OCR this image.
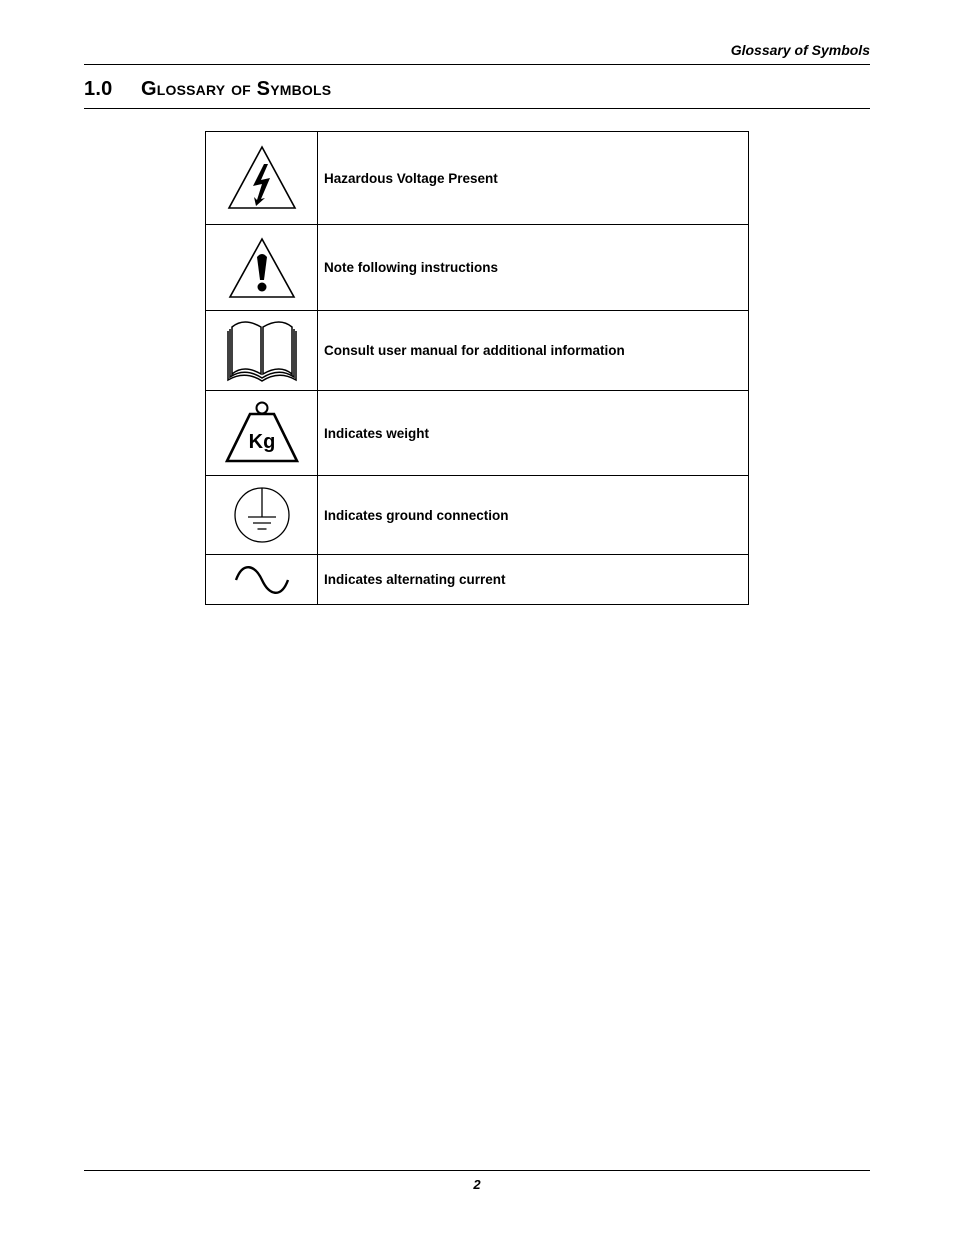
Glossary of Symbols
1.0 Glossary of Symbols
	Hazardous Voltage Present

	Note following instructions

	Consult user manual for additional information

Kg	Indicates weight

	Indicates ground connection

	Indicates alternating current
2
